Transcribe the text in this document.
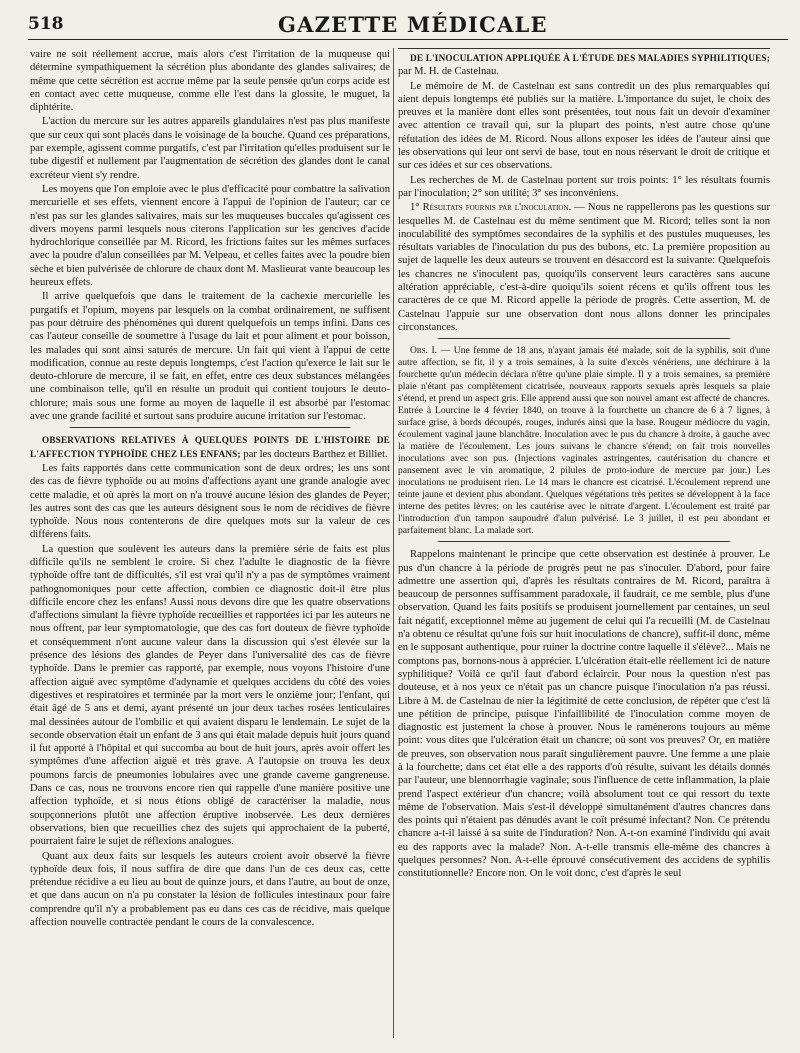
518	GAZETTE MÉDICALE

vaire ne soit réellement accrue, mais alors c'est l'irritation de la muqueuse qui détermine sympathiquement la sécrétion plus abondante des glandes salivaires; de même que cette sécrétion est accrue même par la seule pensée qu'un corps acide est en contact avec cette muqueuse, comme elle l'est dans la glossite, le muguet, la diphtérite.

L'action du mercure sur les autres appareils glandulaires n'est pas plus manifeste que sur ceux qui sont placés dans le voisinage de la bouche. Quand ces préparations, par exemple, agissent comme purgatifs, c'est par l'irritation qu'elles produisent sur le tube digestif et nullement par l'augmentation de sécrétion des glandes dont le canal excréteur vient s'y rendre.

Les moyens que l'on emploie avec le plus d'efficacité pour combattre la salivation mercurielle et ses effets, viennent encore à l'appui de l'opinion de l'auteur; car ce n'est pas sur les glandes salivaires, mais sur les muqueuses buccales qu'agissent ces divers moyens parmi lesquels nous citerons l'application sur les gencives d'acide hydrochlorique conseillée par M. Ricord, les frictions faites sur les mêmes surfaces avec la poudre d'alun conseillées par M. Velpeau, et celles faites avec la poudre bien sèche et bien pulvérisée de chlorure de chaux dont M. Maslieurat vante beaucoup les heureux effets.

Il arrive quelquefois que dans le traitement de la cachexie mercurielle les purgatifs et l'opium, moyens par lesquels on la combat ordinairement, ne suffisent pas pour détruire des phénomènes qui durent quelquefois un temps infini. Dans ces cas l'auteur conseille de soumettre à l'usage du lait et pour aliment et pour boisson, les malades qui sont ainsi saturés de mercure. Un fait qui vient à l'appui de cette modification, connue au reste depuis longtemps, c'est l'action qu'exerce le lait sur le deuto-chlorure de mercure, il se fait, en effet, entre ces deux substances mélangées une combinaison telle, qu'il en résulte un produit qui contient toujours le deuto-chlorure; mais sous une forme au moyen de laquelle il est absorbé par l'estomac avec une grande facilité et surtout sans produire aucune irritation sur l'estomac.

OBSERVATIONS RELATIVES À QUELQUES POINTS DE L'HISTOIRE DE L'AFFECTION TYPHOÏDE CHEZ LES ENFANS; par les docteurs Barthez et Billiet.

Les faits rapportés dans cette communication sont de deux ordres; les uns sont des cas de fièvre typhoïde ou au moins d'affections ayant une grande analogie avec cette maladie, et où après la mort on n'a trouvé aucune lésion des glandes de Peyer; les autres sont des cas que les auteurs désignent sous le nom de récidives de fièvre typhoïde. Nous nous contenterons de dire quelques mots sur la valeur de ces différens faits.

La question que soulèvent les auteurs dans la première série de faits est plus difficile qu'ils ne semblent le croire. Si chez l'adulte le diagnostic de la fièvre typhoïde offre tant de difficultés, s'il est vrai qu'il n'y a pas de symptômes vraiment pathognomoniques pour cette affection, combien ce diagnostic doit-il être plus difficile encore chez les enfans! Aussi nous devons dire que les quatre observations d'affections simulant la fièvre typhoïde recueillies et rapportées ici par les auteurs ne nous offrent, par leur symptomatologie, que des cas fort douteux de fièvre typhoïde et conséquemment n'ont aucune valeur dans la discussion qui s'est élevée sur la présence des lésions des glandes de Peyer dans l'universalité des cas de fièvre typhoïde. Dans le premier cas rapporté, par exemple, nous voyons l'histoire d'une affection aiguë avec symptôme d'adynamie et quelques accidens du côté des voies digestives et respiratoires et terminée par la mort vers le onzième jour; l'enfant, qui était âgé de 5 ans et demi, ayant présenté un jour deux taches rosées lenticulaires mal dessinées autour de l'ombilic et qui avaient disparu le lendemain. Le sujet de la seconde observation était un enfant de 3 ans qui était malade depuis huit jours quand il fut apporté à l'hôpital et qui succomba au bout de huit jours, après avoir offert les symptômes d'une affection aiguë et très grave. A l'autopsie on trouva les deux poumons farcis de pneumonies lobulaires avec une grande caverne gangreneuse. Dans ce cas, nous ne trouvons encore rien qui rappelle d'une manière positive une affection typhoïde, et si nous étions obligé de caractériser la maladie, nous soupçonnerions plutôt une affection éruptive inobservée. Les deux dernières observations, bien que recueillies chez des sujets qui approchaient de la puberté, pourraient faire le sujet de réflexions analogues.

Quant aux deux faits sur lesquels les auteurs croient avoir observé la fièvre typhoïde deux fois, il nous suffira de dire que dans l'un de ces deux cas, cette prétendue récidive a eu lieu au bout de quinze jours, et dans l'autre, au bout de onze, et que dans aucun on n'a pu constater la lésion de follicules intestinaux pour faire comprendre qu'il n'y a probablement pas eu dans ces cas de récidive, mais quelque affection nouvelle contractée pendant le cours de la convalescence.

DE L'INOCULATION APPLIQUÉE À L'ÉTUDE DES MALADIES SYPHILITIQUES; par M. H. de Castelnau.

Le mémoire de M. de Castelnau est sans contredit un des plus remarquables qui aient depuis longtemps été publiés sur la matière. L'importance du sujet, le choix des preuves et la manière dont elles sont présentées, tout nous fait un devoir d'examiner avec attention ce travail qui, sur la plupart des points, n'est autre chose qu'une réfutation des idées de M. Ricord. Nous allons exposer les idées de l'auteur ainsi que les observations qui leur ont servi de base, tout en nous réservant le droit de critique et sur ces idées et sur ces observations.

Les recherches de M. de Castelnau portent sur trois points: 1° les résultats fournis par l'inoculation; 2° son utilité; 3° ses inconvéniens.

1° Résultats fournis par l'inoculation. — Nous ne rappellerons pas les questions sur lesquelles M. de Castelnau est du même sentiment que M. Ricord; telles sont la non inoculabilité des symptômes secondaires de la syphilis et des pustules muqueuses, les résultats variables de l'inoculation du pus des bubons, etc. La première proposition au sujet de laquelle les deux auteurs se trouvent en désaccord est la suivante: Quelquefois les chancres ne s'inoculent pas, quoiqu'ils conservent leurs caractères sans aucune altération appréciable, c'est-à-dire quoiqu'ils soient récens et qu'ils offrent tous les caractères de ce que M. Ricord appelle la période de progrès. Cette assertion, M. de Castelnau l'appuie sur une observation dont nous allons donner les principales circonstances.

Obs. I. — Une femme de 18 ans, n'ayant jamais été malade, soit de la syphilis, soit d'une autre affection, se fit, il y a trois semaines, à la suite d'excès vénériens, une déchirure à la fourchette qu'un médecin déclara n'être qu'une plaie simple. Il y a trois semaines, sa première plaie n'étant pas complètement cicatrisée, nouveaux rapports sexuels après lesquels sa plaie s'étend, et prend un aspect gris. Elle apprend aussi que son nouvel amant est affecté de chancres. Entrée à Lourcine le 4 février 1840, on trouve à la fourchette un chancre de 6 à 7 lignes, à surface grise, à bords découpés, rouges, indurés ainsi que la base. Rougeur médiocre du vagin, écoulement vaginal jaune blanchâtre. Inoculation avec le pus du chancre à droite, à gauche avec la matière de l'écoulement. Les jours suivans le chancre s'étend; on fait trois nouvelles inoculations avec son pus. (Injections vaginales astringentes, cautérisation du chancre et pansement avec le vin aromatique, 2 pilules de proto-iodure de mercure par jour.) Les inoculations ne produisent rien. Le 14 mars le chancre est cicatrisé. L'écoulement reprend une teinte jaune et devient plus abondant. Quelques végétations très petites se développent à la face interne des petites lèvres; on les cautérise avec le nitrate d'argent. L'écoulement est traité par l'introduction d'un tampon saupoudré d'alun pulvérisé. Le 3 juillet, il est peu abondant et parfaitement blanc. La malade sort.

Rappelons maintenant le principe que cette observation est destinée à prouver. Le pus d'un chancre à la période de progrès peut ne pas s'inoculer. D'abord, pour faire admettre une assertion qui, d'après les résultats contraires de M. Ricord, paraîtra à beaucoup de personnes suffisamment paradoxale, il faudrait, ce me semble, plus d'une observation. Quand les faits positifs se produisent journellement par centaines, un seul fait négatif, exceptionnel même au jugement de celui qui l'a recueilli (M. de Castelnau n'a obtenu ce résultat qu'une fois sur huit inoculations de chancre), suffit-il donc, même en le supposant authentique, pour ruiner la doctrine contre laquelle il s'élève?... Mais ne comptons pas, bornons-nous à apprécier. L'ulcération était-elle réellement ici de nature syphilitique? Voilà ce qu'il faut d'abord éclaircir. Pour nous la question n'est pas douteuse, et à nos yeux ce n'était pas un chancre puisque l'inoculation n'a pas réussi. Libre à M. de Castelnau de nier la légitimité de cette conclusion, de répéter que c'est là une pétition de principe, puisque l'infaillibilité de l'inoculation comme moyen de diagnostic est justement la chose à prouver. Nous le ramènerons toujours au même point: vous dites que l'ulcération était un chancre; où sont vos preuves? Or, en matière de preuves, son observation nous paraît singulièrement pauvre. Une femme a une plaie à la fourchette; dans cet état elle a des rapports d'où résulte, suivant les détails donnés par l'auteur, une blennorrhagie vaginale; sous l'influence de cette inflammation, la plaie prend l'aspect extérieur d'un chancre; voilà absolument tout ce qui ressort du texte même de l'observation. Mais s'est-il développé simultanément d'autres chancres dans des points qui n'étaient pas dénudés avant le coït présumé infectant? Non. Ce prétendu chancre a-t-il laissé à sa suite de l'induration? Non. A-t-on examiné l'individu qui avait eu des rapports avec la malade? Non. A-t-elle transmis elle-même des chancres à quelques personnes? Non. A-t-elle éprouvé consécutivement des accidens de syphilis constitutionnelle? Encore non. On le voit donc, c'est d'après le seul
